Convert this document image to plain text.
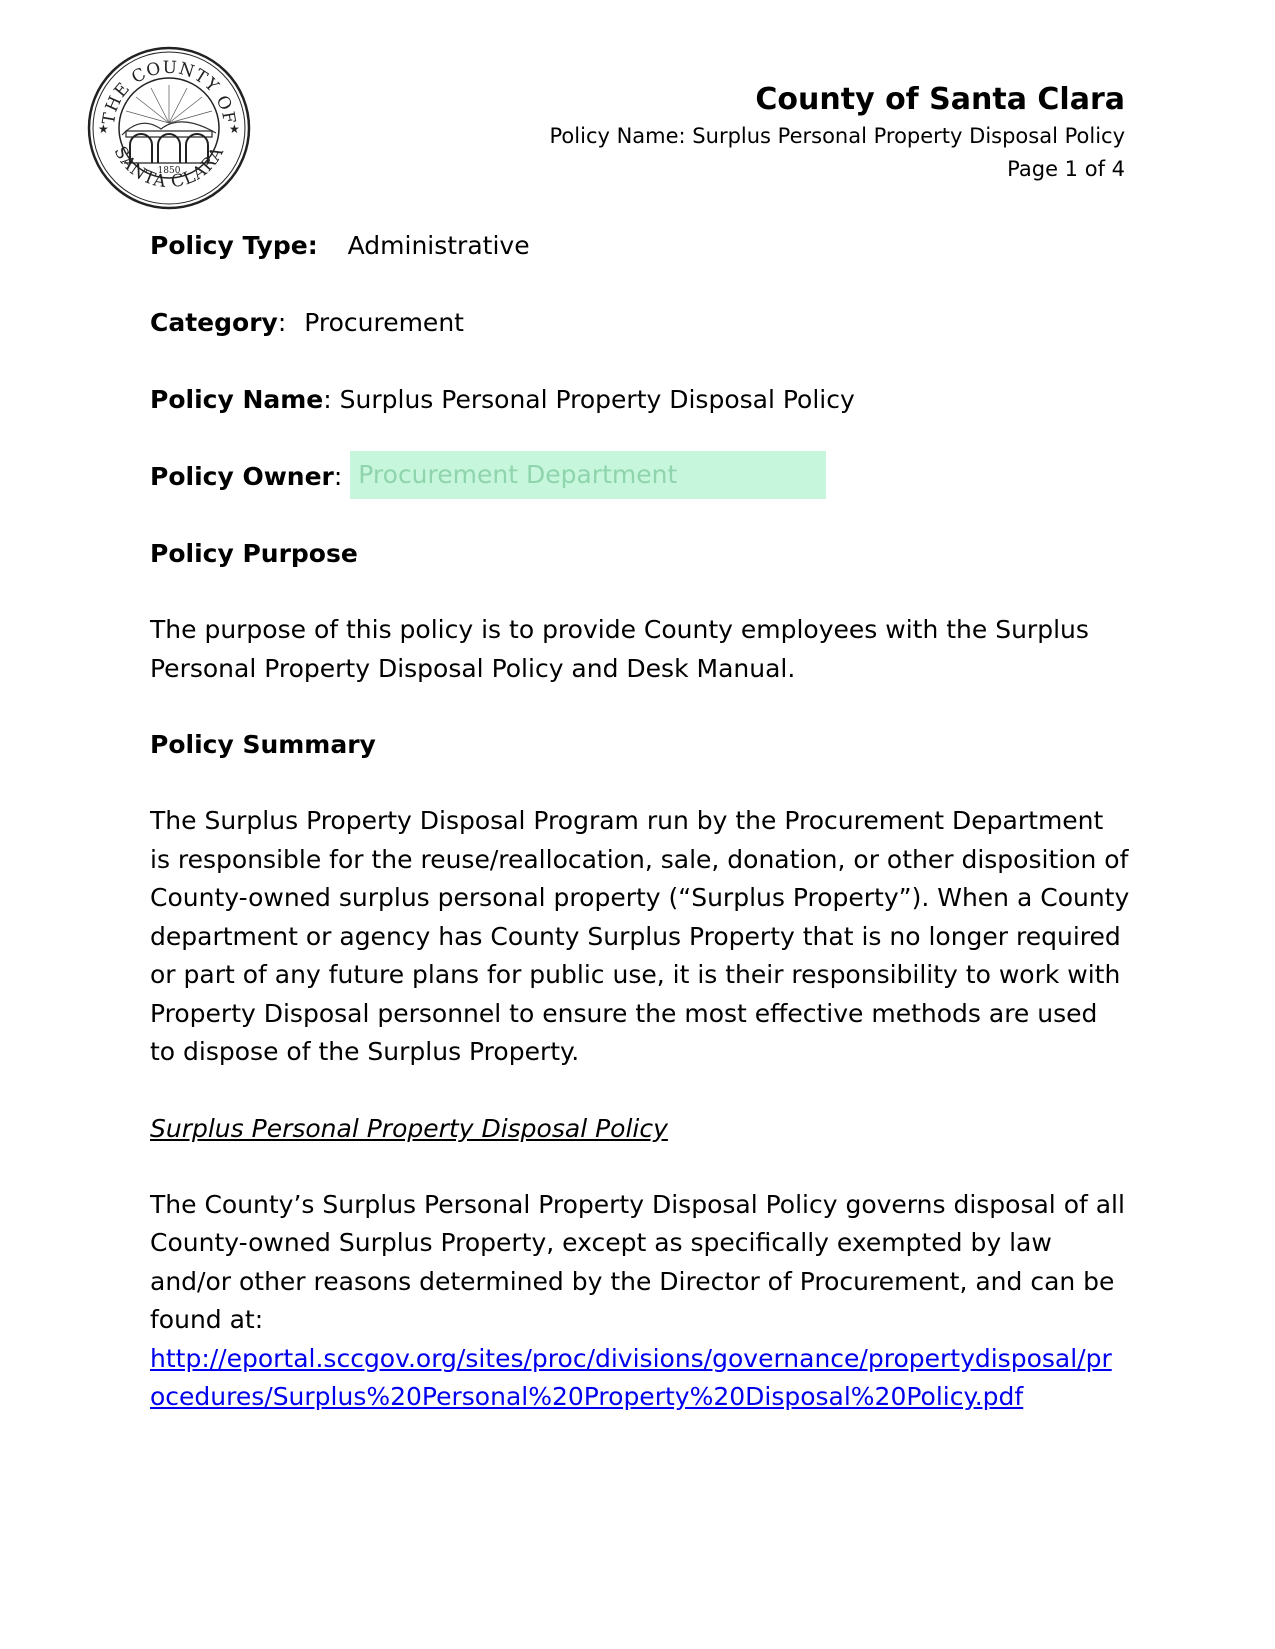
THE COUNTY OF
SANTA CLARA
★	★
1850
County of Santa Clara
Policy Name: Surplus Personal Property Disposal Policy
Page 1 of 4
Policy Type: Administrative
Category: Procurement
Policy Name: Surplus Personal Property Disposal Policy
Policy Owner: Procurement Department
Policy Purpose
The purpose of this policy is to provide County employees with the Surplus Personal Property Disposal Policy and Desk Manual.
Policy Summary
The Surplus Property Disposal Program run by the Procurement Department is responsible for the reuse/reallocation, sale, donation, or other disposition of County-owned surplus personal property (“Surplus Property”). When a County department or agency has County Surplus Property that is no longer required or part of any future plans for public use, it is their responsibility to work with Property Disposal personnel to ensure the most effective methods are used to dispose of the Surplus Property.
Surplus Personal Property Disposal Policy
The County’s Surplus Personal Property Disposal Policy governs disposal of all County-owned Surplus Property, except as specifically exempted by law and/or other reasons determined by the Director of Procurement, and can be found at:
http://eportal.sccgov.org/sites/proc/divisions/governance/propertydisposal/procedures/Surplus%20Personal%20Property%20Disposal%20Policy.pdf
